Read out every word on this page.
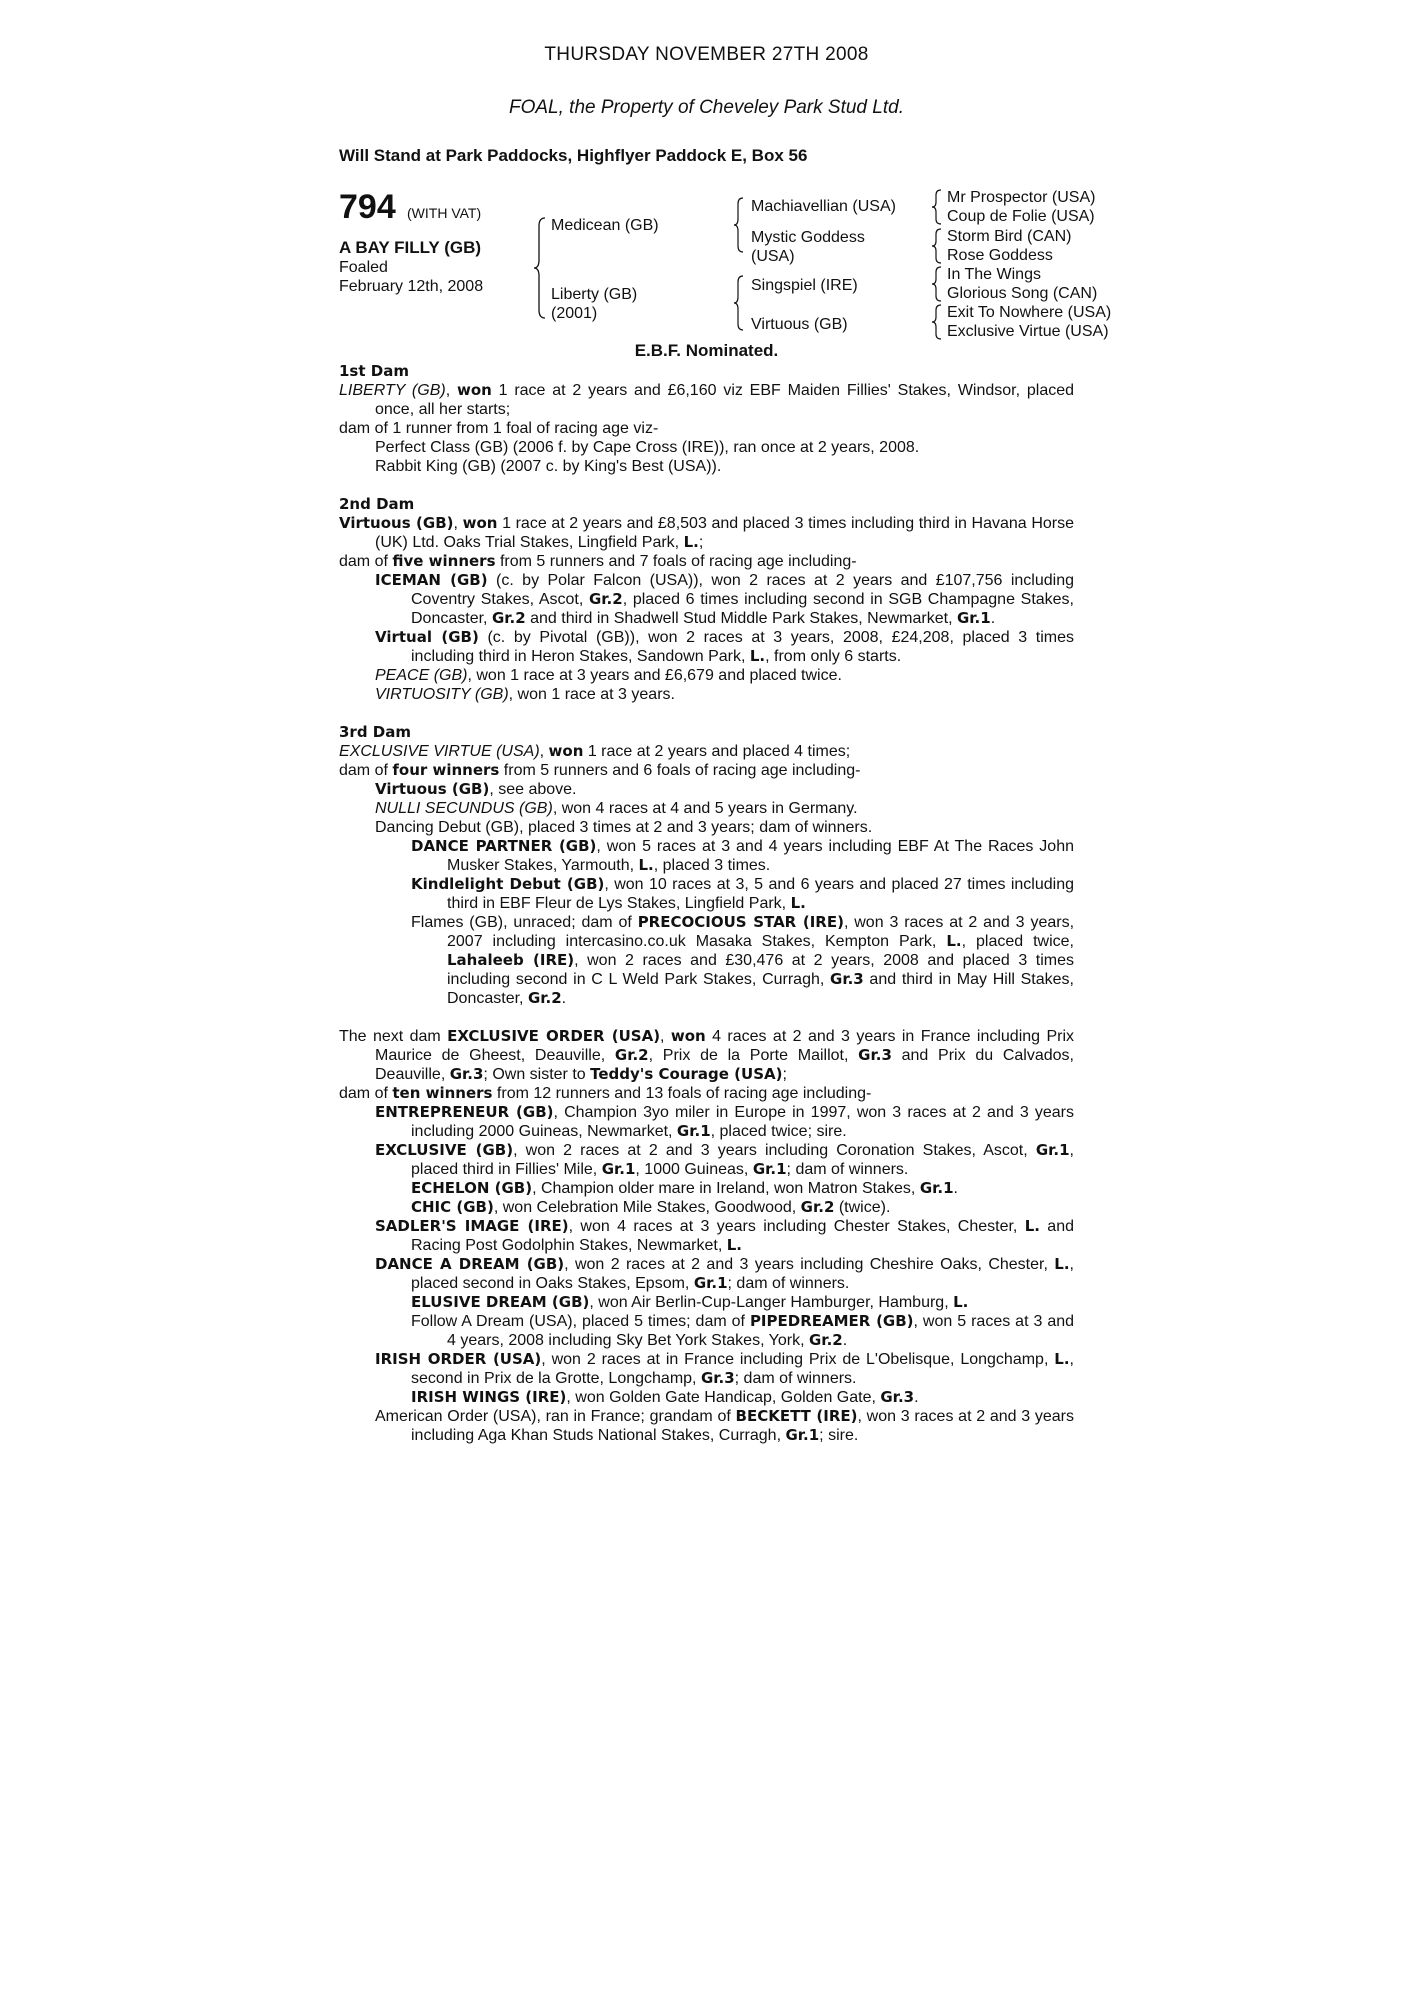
THURSDAY NOVEMBER 27TH 2008
FOAL, the Property of Cheveley Park Stud Ltd.
Will Stand at Park Paddocks, Highflyer Paddock E, Box 56
794 (WITH VAT)
A BAY FILLY (GB)
Foaled
February 12th, 2008
Medicean (GB)
Liberty (GB)
(2001)
Machiavellian (USA)
Mystic Goddess
(USA)
Singspiel (IRE)
Virtuous (GB)
Mr Prospector (USA)
Coup de Folie (USA)
Storm Bird (CAN)
Rose Goddess
In The Wings
Glorious Song (CAN)
Exit To Nowhere (USA)
Exclusive Virtue (USA)
E.B.F. Nominated.

1st Dam

LIBERTY (GB), won 1 race at 2 years and £6,160 viz EBF Maiden Fillies' Stakes, Windsor, placed once, all her starts;

dam of 1 runner from 1 foal of racing age viz-

Perfect Class (GB) (2006 f. by Cape Cross (IRE)), ran once at 2 years, 2008.

Rabbit King (GB) (2007 c. by King's Best (USA)).

2nd Dam

Virtuous (GB), won 1 race at 2 years and £8,503 and placed 3 times including third in Havana Horse (UK) Ltd. Oaks Trial Stakes, Lingfield Park, L.;

dam of five winners from 5 runners and 7 foals of racing age including-

ICEMAN (GB) (c. by Polar Falcon (USA)), won 2 races at 2 years and £107,756 including Coventry Stakes, Ascot, Gr.2, placed 6 times including second in SGB Champagne Stakes, Doncaster, Gr.2 and third in Shadwell Stud Middle Park Stakes, Newmarket, Gr.1.

Virtual (GB) (c. by Pivotal (GB)), won 2 races at 3 years, 2008, £24,208, placed 3 times including third in Heron Stakes, Sandown Park, L., from only 6 starts.

PEACE (GB), won 1 race at 3 years and £6,679 and placed twice.

VIRTUOSITY (GB), won 1 race at 3 years.

3rd Dam

EXCLUSIVE VIRTUE (USA), won 1 race at 2 years and placed 4 times;

dam of four winners from 5 runners and 6 foals of racing age including-

Virtuous (GB), see above.

NULLI SECUNDUS (GB), won 4 races at 4 and 5 years in Germany.

Dancing Debut (GB), placed 3 times at 2 and 3 years; dam of winners.

DANCE PARTNER (GB), won 5 races at 3 and 4 years including EBF At The Races John Musker Stakes, Yarmouth, L., placed 3 times.

Kindlelight Debut (GB), won 10 races at 3, 5 and 6 years and placed 27 times including third in EBF Fleur de Lys Stakes, Lingfield Park, L.

Flames (GB), unraced; dam of PRECOCIOUS STAR (IRE), won 3 races at 2 and 3 years, 2007 including intercasino.co.uk Masaka Stakes, Kempton Park, L., placed twice, Lahaleeb (IRE), won 2 races and £30,476 at 2 years, 2008 and placed 3 times including second in C L Weld Park Stakes, Curragh, Gr.3 and third in May Hill Stakes, Doncaster, Gr.2.

The next dam EXCLUSIVE ORDER (USA), won 4 races at 2 and 3 years in France including Prix Maurice de Gheest, Deauville, Gr.2, Prix de la Porte Maillot, Gr.3 and Prix du Calvados, Deauville, Gr.3; Own sister to Teddy's Courage (USA);

dam of ten winners from 12 runners and 13 foals of racing age including-

ENTREPRENEUR (GB), Champion 3yo miler in Europe in 1997, won 3 races at 2 and 3 years including 2000 Guineas, Newmarket, Gr.1, placed twice; sire.

EXCLUSIVE (GB), won 2 races at 2 and 3 years including Coronation Stakes, Ascot, Gr.1, placed third in Fillies' Mile, Gr.1, 1000 Guineas, Gr.1; dam of winners.

ECHELON (GB), Champion older mare in Ireland, won Matron Stakes, Gr.1.

CHIC (GB), won Celebration Mile Stakes, Goodwood, Gr.2 (twice).

SADLER'S IMAGE (IRE), won 4 races at 3 years including Chester Stakes, Chester, L. and Racing Post Godolphin Stakes, Newmarket, L.

DANCE A DREAM (GB), won 2 races at 2 and 3 years including Cheshire Oaks, Chester, L., placed second in Oaks Stakes, Epsom, Gr.1; dam of winners.

ELUSIVE DREAM (GB), won Air Berlin-Cup-Langer Hamburger, Hamburg, L.

Follow A Dream (USA), placed 5 times; dam of PIPEDREAMER (GB), won 5 races at 3 and 4 years, 2008 including Sky Bet York Stakes, York, Gr.2.

IRISH ORDER (USA), won 2 races at in France including Prix de L'Obelisque, Longchamp, L., second in Prix de la Grotte, Longchamp, Gr.3; dam of winners.

IRISH WINGS (IRE), won Golden Gate Handicap, Golden Gate, Gr.3.

American Order (USA), ran in France; grandam of BECKETT (IRE), won 3 races at 2 and 3 years including Aga Khan Studs National Stakes, Curragh, Gr.1; sire.
